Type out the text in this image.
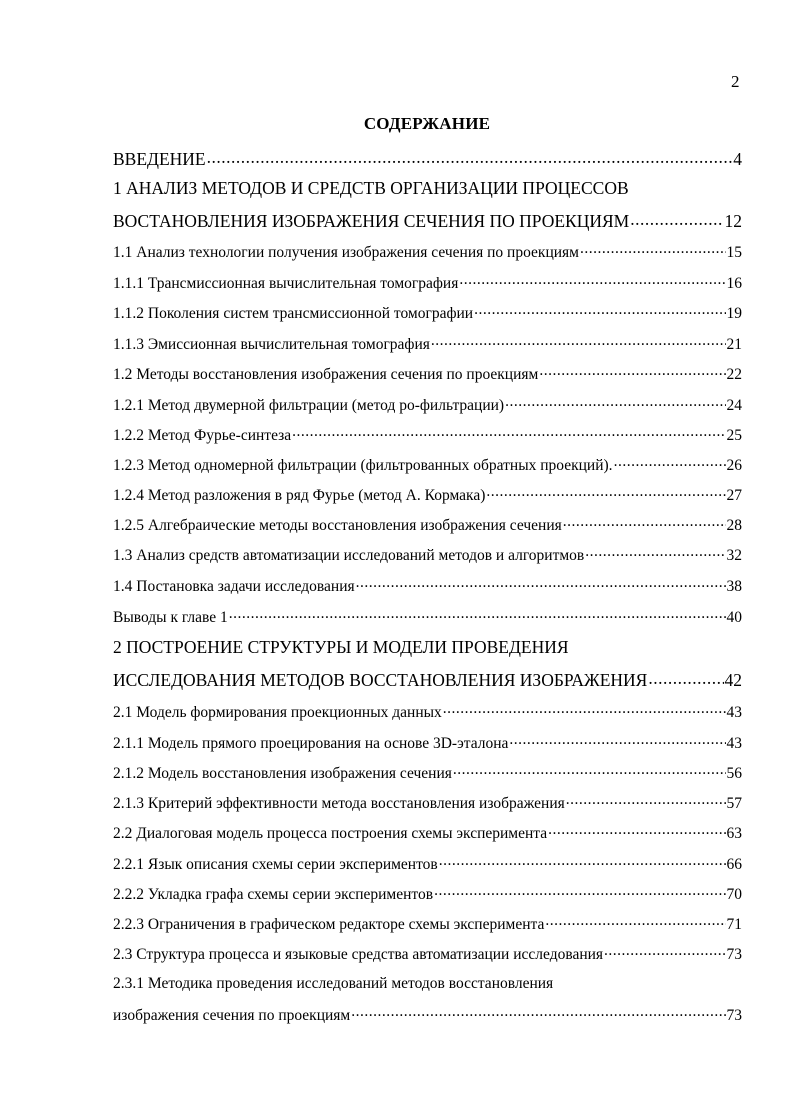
2
СОДЕРЖАНИЕ
ВВЕДЕНИЕ .....	4
1 АНАЛИЗ МЕТОДОВ И СРЕДСТВ ОРГАНИЗАЦИИ ПРОЦЕССОВ
ВОСТАНОВЛЕНИЯ ИЗОБРАЖЕНИЯ СЕЧЕНИЯ ПО ПРОЕКЦИЯМ .....	12
1.1 Анализ технологии получения изображения сечения по проекциям .....	15
1.1.1 Трансмиссионная вычислительная томография .....	16
1.1.2 Поколения систем трансмиссионной томографии .....	19
1.1.3 Эмиссионная вычислительная томография .....	21
1.2 Методы восстановления изображения сечения по проекциям .....	22
1.2.1 Метод двумерной фильтрации (метод ро-фильтрации) .....	24
1.2.2 Метод Фурье-синтеза .....	25
1.2.3 Метод одномерной фильтрации (фильтрованных обратных проекций). .....	26
1.2.4 Метод разложения в ряд Фурье (метод А. Кормака) .....	27
1.2.5 Алгебраические методы восстановления изображения сечения .....	28
1.3 Анализ средств автоматизации исследований методов и алгоритмов .....	32
1.4 Постановка задачи исследования .....	38
Выводы к главе 1 .....	40
2 ПОСТРОЕНИЕ СТРУКТУРЫ И МОДЕЛИ ПРОВЕДЕНИЯ
ИССЛЕДОВАНИЯ МЕТОДОВ ВОССТАНОВЛЕНИЯ ИЗОБРАЖЕНИЯ .....	42
2.1 Модель формирования проекционных данных .....	43
2.1.1 Модель прямого проецирования на основе 3D-эталона .....	43
2.1.2 Модель восстановления изображения сечения .....	56
2.1.3 Критерий эффективности метода восстановления изображения .....	57
2.2 Диалоговая модель процесса построения схемы эксперимента .....	63
2.2.1 Язык описания схемы серии экспериментов .....	66
2.2.2 Укладка графа схемы серии экспериментов .....	70
2.2.3 Ограничения в графическом редакторе схемы эксперимента .....	71
2.3 Структура процесса и языковые средства автоматизации исследования .....	73
2.3.1 Методика проведения исследований методов восстановления
изображения сечения по проекциям .....	73
